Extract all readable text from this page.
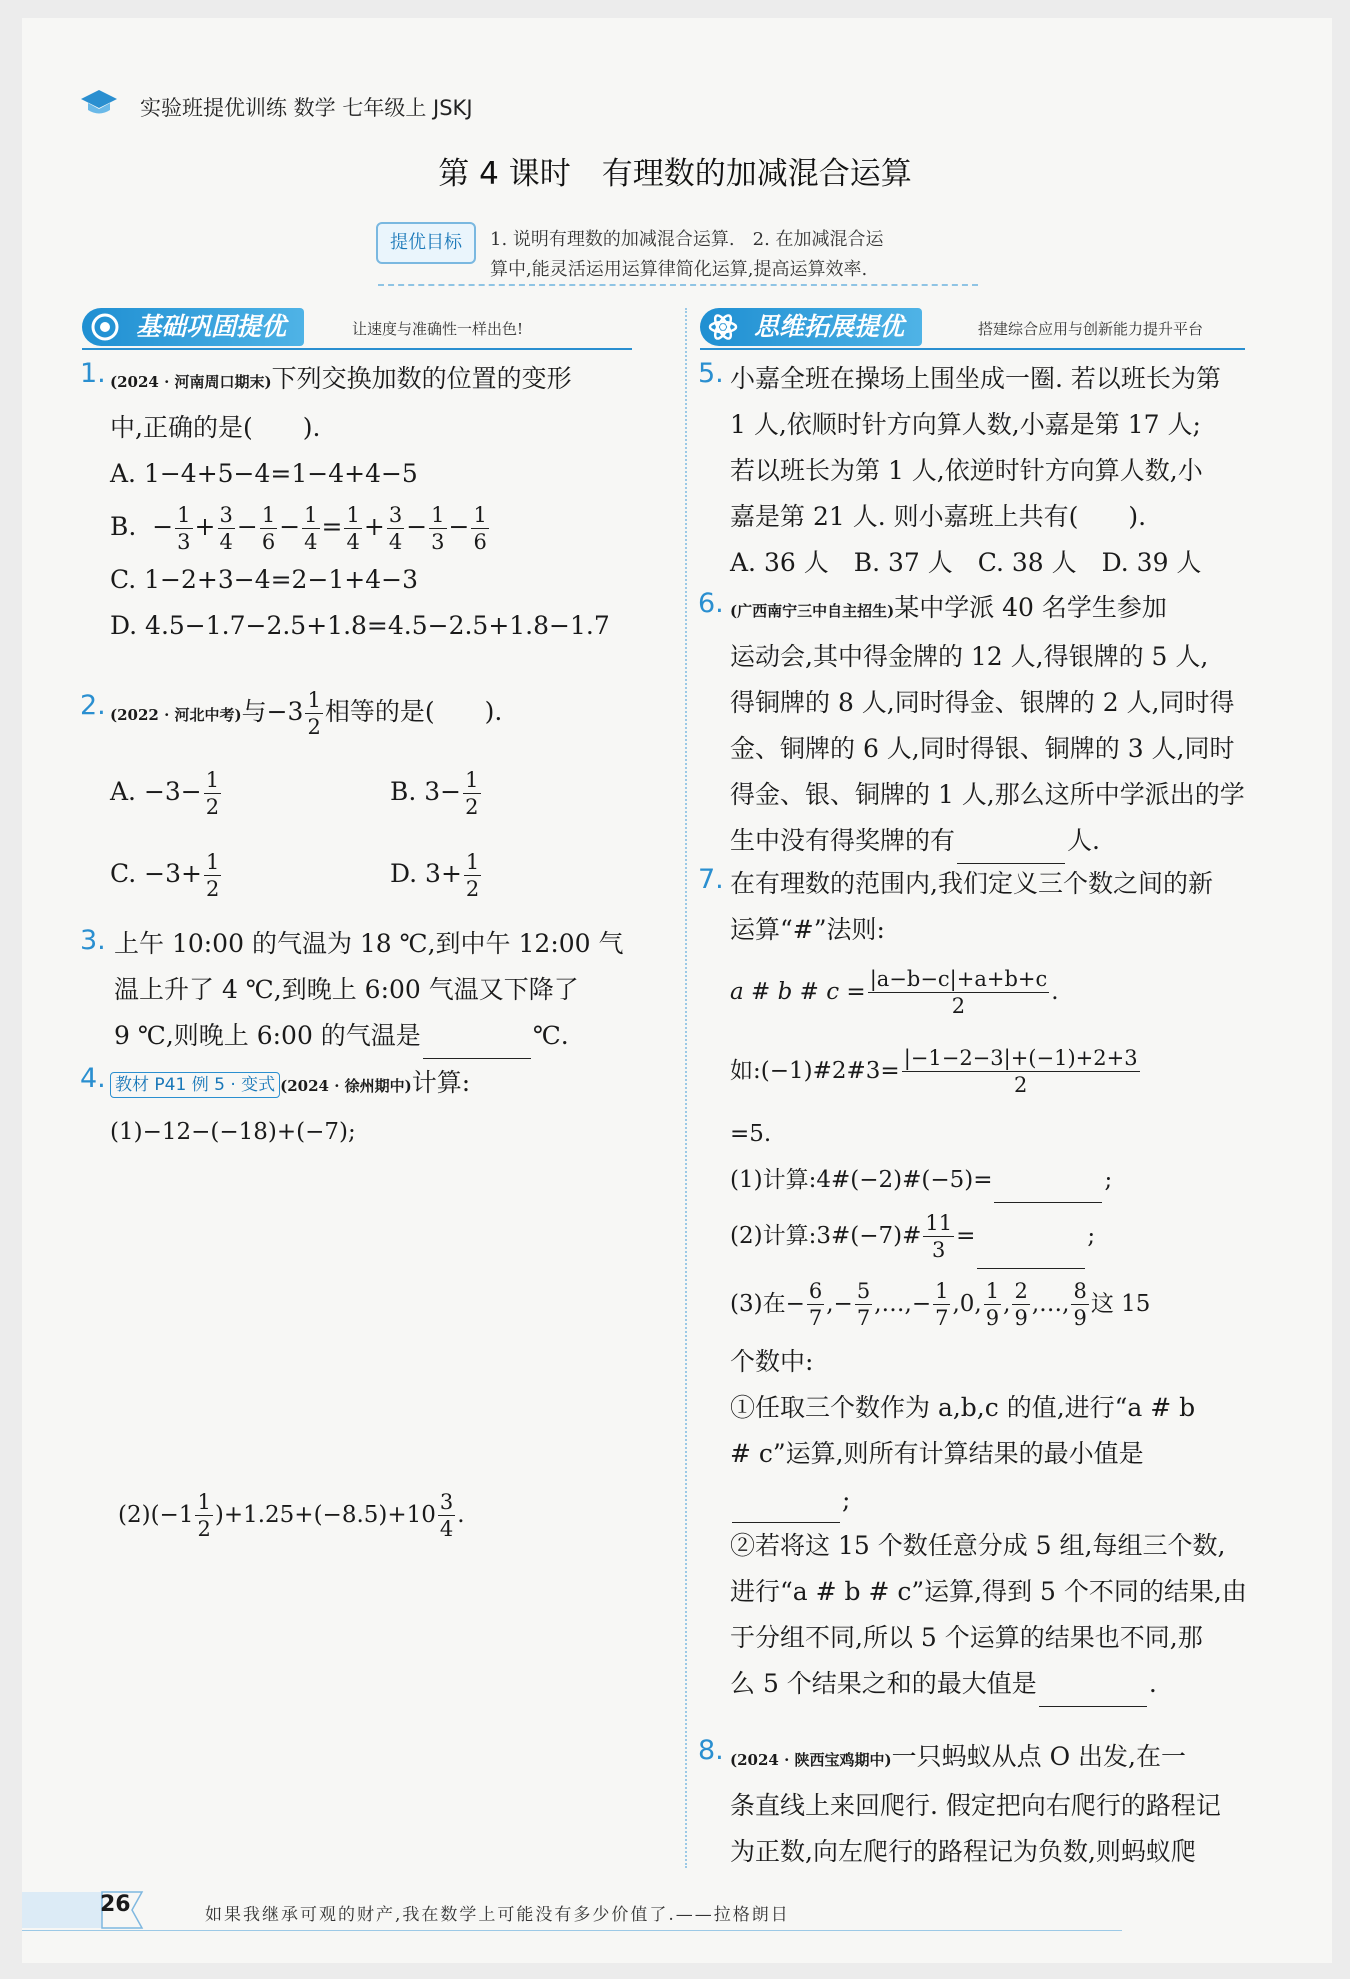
实验班提优训练 数学 七年级上 JSKJ
第 4 课时　有理数的加减混合运算
提优目标	1. 说明有理数的加减混合运算.　2. 在加减混合运
算中,能灵活运用运算律简化运算,提高运算效率.
基础巩固提优	让速度与准确性一样出色!	思维拓展提优	搭建综合应用与创新能力提升平台
1. (2024 · 河南周口期末)下列交换加数的位置的变形
中,正确的是(　　).
A. 1−4+5−4=1−4+4−5
B.  − $\frac{1}{3} + \frac{3}{4} - \frac{1}{6} - \frac{1}{4} = \frac{1}{4} + \frac{3}{4} - \frac{1}{3} - \frac{1}{6}$
C. 1−2+3−4=2−1+4−3
D. 4.5−1.7−2.5+1.8=4.5−2.5+1.8−1.7
2. (2022 · 河北中考)与$-3 \frac{1}{2}$ 相等的是(　　).
A. $-3- \frac{1}{2}$	B. $3- \frac{1}{2}$
C. $-3+ \frac{1}{2}$	D. $3+ \frac{1}{2}$
3. 上午 10:00 的气温为 18 ℃,到中午 12:00 气
温上升了 4 ℃,到晚上 6:00 气温又下降了
9 ℃,则晚上 6:00 的气温是	℃.
4. 教材 P41 例 5 · 变式 (2024 · 徐州期中)计算:
(1)−12−(−18)+(−7);
$(2)(-1 \frac{1}{2} )+1.25+(-8.5)+10 \frac{3}{4}$ .
5. 小嘉全班在操场上围坐成一圈. 若以班长为第
1 人,依顺时针方向算人数,小嘉是第 17 人;
若以班长为第 1 人,依逆时针方向算人数,小
嘉是第 21 人. 则小嘉班上共有(　　).
A. 36 人　B. 37 人　C. 38 人　D. 39 人
6. (广西南宁三中自主招生)某中学派 40 名学生参加
运动会,其中得金牌的 12 人,得银牌的 5 人,
得铜牌的 8 人,同时得金、银牌的 2 人,同时得
金、铜牌的 6 人,同时得银、铜牌的 3 人,同时
得金、银、铜牌的 1 人,那么这所中学派出的学
生中没有得奖牌的有	人.
7. 在有理数的范围内,我们定义三个数之间的新
运算“#”法则:
a # b # $c = \frac{|a-b-c|+a+b+c}{2}$ .
如:(−1)#2#3= $\frac{|-1-2-3|+(-1)+2+3}{2}$
=5.
(1)计算:4#(−2)#(−5)=	;
(2)计算:3#(−7)# $\frac{11}{3}$ =	;
(3)在− $\frac{6}{7}$ ,− $\frac{5}{7}$ ,…,− $\frac{1}{7} ,0$, $\frac{1}{9}$ , $\frac{2}{9}$ ,…, $\frac{8}{9}$ 这 15
个数中:
①任取三个数作为 a,b,c 的值,进行“a # b
# c”运算,则所有计算结果的最小值是
;
②若将这 15 个数任意分成 5 组,每组三个数,
进行“a # b # c”运算,得到 5 个不同的结果,由
于分组不同,所以 5 个运算的结果也不同,那
么 5 个结果之和的最大值是	.
8. (2024 · 陕西宝鸡期中)一只蚂蚁从点 O 出发,在一
条直线上来回爬行. 假定把向右爬行的路程记
为正数,向左爬行的路程记为负数,则蚂蚁爬
26	如果我继承可观的财产,我在数学上可能没有多少价值了.——拉格朗日
